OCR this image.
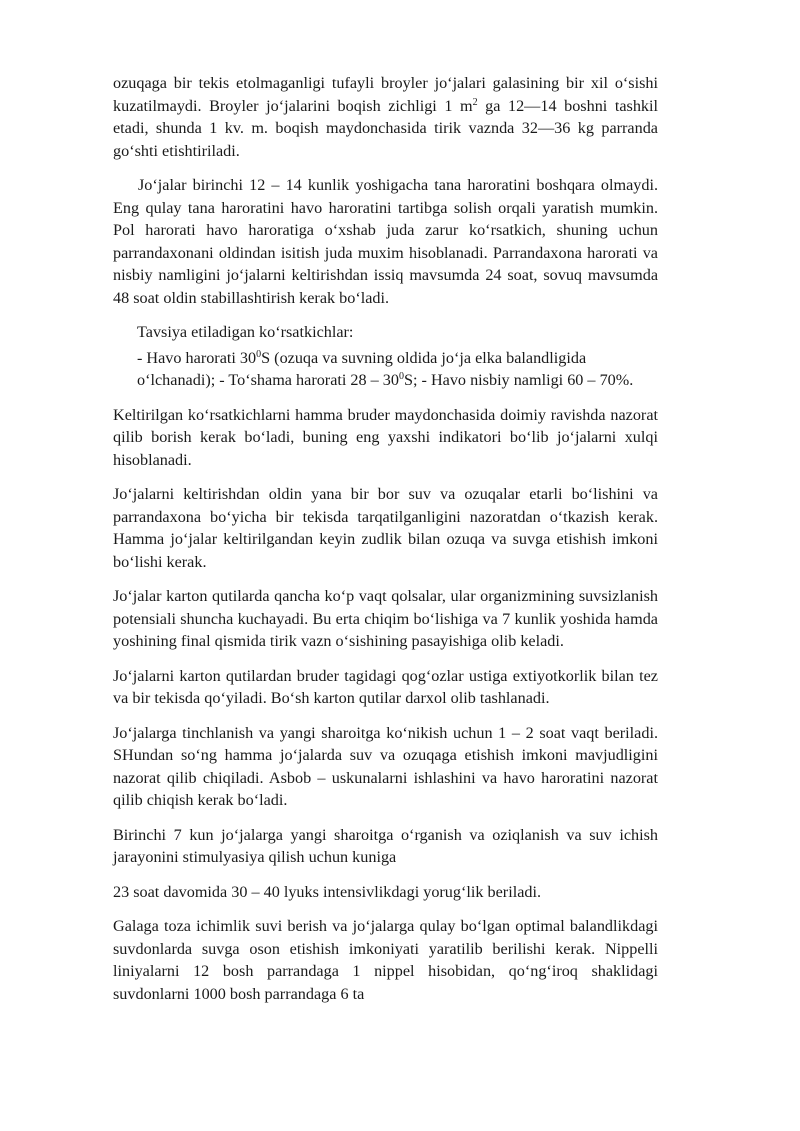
ozuqaga bir tekis etolmaganligi tufayli broyler jo‘jalari galasining bir xil o‘sishi kuzatilmaydi. Broyler jo‘jalarini boqish zichligi 1 $m^2$ ga 12—14 boshni tashkil etadi, shunda 1 kv. m. boqish maydonchasida tirik vaznda 32—36 kg parranda go‘shti etishtiriladi.

Jo‘jalar birinchi 12 – 14 kunlik yoshigacha tana haroratini boshqara olmaydi. Eng qulay tana haroratini havo haroratini tartibga solish orqali yaratish mumkin. Pol harorati havo haroratiga o‘xshab juda zarur ko‘rsatkich, shuning uchun parrandaxonani oldindan isitish juda muxim hisoblanadi. Parrandaxona harorati va nisbiy namligini jo‘jalarni keltirishdan issiq mavsumda 24 soat, sovuq mavsumda 48 soat oldin stabillashtirish kerak bo‘ladi.

Tavsiya etiladigan ko‘rsatkichlar:

- Havo harorati $30^0S$ (ozuqa va suvning oldida jo‘ja elka balandligida o‘lchanadi); - To‘shama harorati $28 - 30^0S$; - Havo nisbiy namligi 60 – 70%.

Keltirilgan ko‘rsatkichlarni hamma bruder maydonchasida doimiy ravishda nazorat qilib borish kerak bo‘ladi, buning eng yaxshi indikatori bo‘lib jo‘jalarni xulqi hisoblanadi.

Jo‘jalarni keltirishdan oldin yana bir bor suv va ozuqalar etarli bo‘lishini va parrandaxona bo‘yicha bir tekisda tarqatilganligini nazoratdan o‘tkazish kerak. Hamma jo‘jalar keltirilgandan keyin zudlik bilan ozuqa va suvga etishish imkoni bo‘lishi kerak.

Jo‘jalar karton qutilarda qancha ko‘p vaqt qolsalar, ular organizmining suvsizlanish potensiali shuncha kuchayadi. Bu erta chiqim bo‘lishiga va 7 kunlik yoshida hamda yoshining final qismida tirik vazn o‘sishining pasayishiga olib keladi.

Jo‘jalarni karton qutilardan bruder tagidagi qog‘ozlar ustiga extiyotkorlik bilan tez va bir tekisda qo‘yiladi. Bo‘sh karton qutilar darxol olib tashlanadi.

Jo‘jalarga tinchlanish va yangi sharoitga ko‘nikish uchun 1 – 2 soat vaqt beriladi. SHundan so‘ng hamma jo‘jalarda suv va ozuqaga etishish imkoni mavjudligini nazorat qilib chiqiladi. Asbob – uskunalarni ishlashini va havo haroratini nazorat qilib chiqish kerak bo‘ladi.

Birinchi 7 kun jo‘jalarga yangi sharoitga o‘rganish va oziqlanish va suv ichish jarayonini stimulyasiya qilish uchun kuniga

23 soat davomida 30 – 40 lyuks intensivlikdagi yorug‘lik beriladi.

Galaga toza ichimlik suvi berish va jo‘jalarga qulay bo‘lgan optimal balandlikdagi suvdonlarda suvga oson etishish imkoniyati yaratilib berilishi kerak. Nippelli liniyalarni 12 bosh parrandaga 1 nippel hisobidan, qo‘ng‘iroq shaklidagi suvdonlarni 1000 bosh parrandaga 6 ta
